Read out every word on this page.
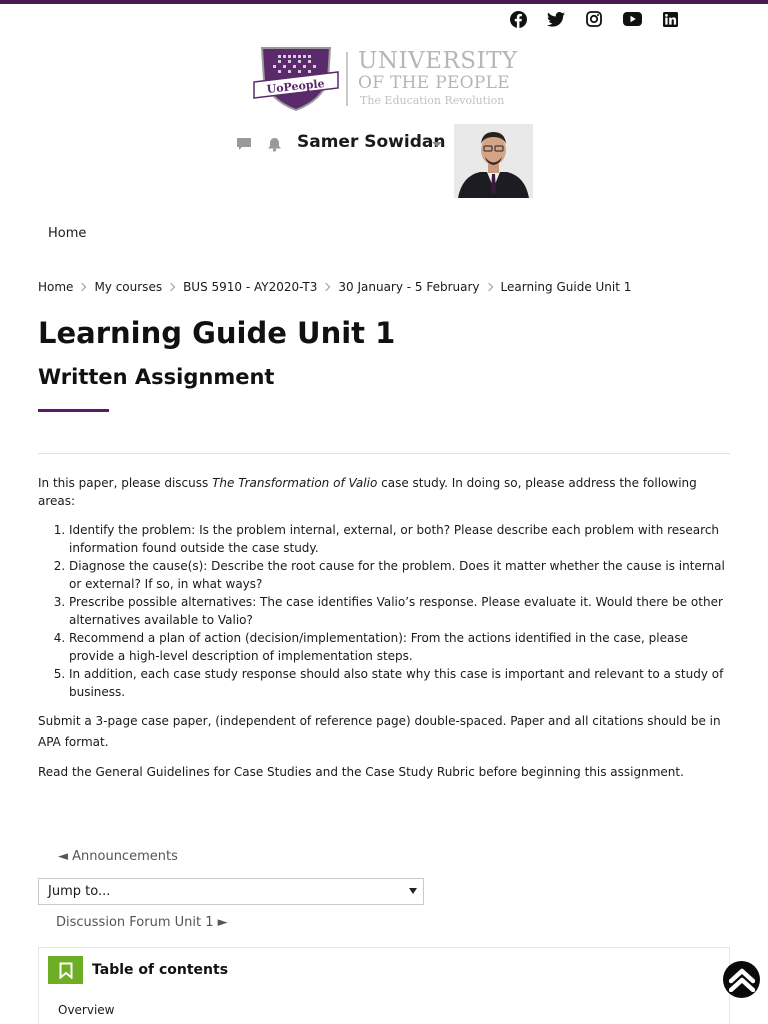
UoPeople
UNIVERSITY
OF THE PEOPLE
The Education Revolution
Samer Sowidan
Home
Home My courses BUS 5910 - AY2020-T3 30 January - 5 February Learning Guide Unit 1
Learning Guide Unit 1
Written Assignment

In this paper, please discuss The Transformation of Valio case study. In doing so, please address the following areas:

1. Identify the problem: Is the problem internal, external, or both? Please describe each problem with research information found outside the case study.
2. Diagnose the cause(s): Describe the root cause for the problem. Does it matter whether the cause is internal or external? If so, in what ways?
3. Prescribe possible alternatives: The case identifies Valio’s response. Please evaluate it. Would there be other alternatives available to Valio?
4. Recommend a plan of action (decision/implementation): From the actions identified in the case, please provide a high-level description of implementation steps.
5. In addition, each case study response should also state why this case is important and relevant to a study of business.

Submit a 3-page case paper, (independent of reference page) double-spaced. Paper and all citations should be in APA format.

Read the General Guidelines for Case Studies and the Case Study Rubric before beginning this assignment.

◄ Announcements
Jump to...
Discussion Forum Unit 1 ►
Table of contents
Overview
